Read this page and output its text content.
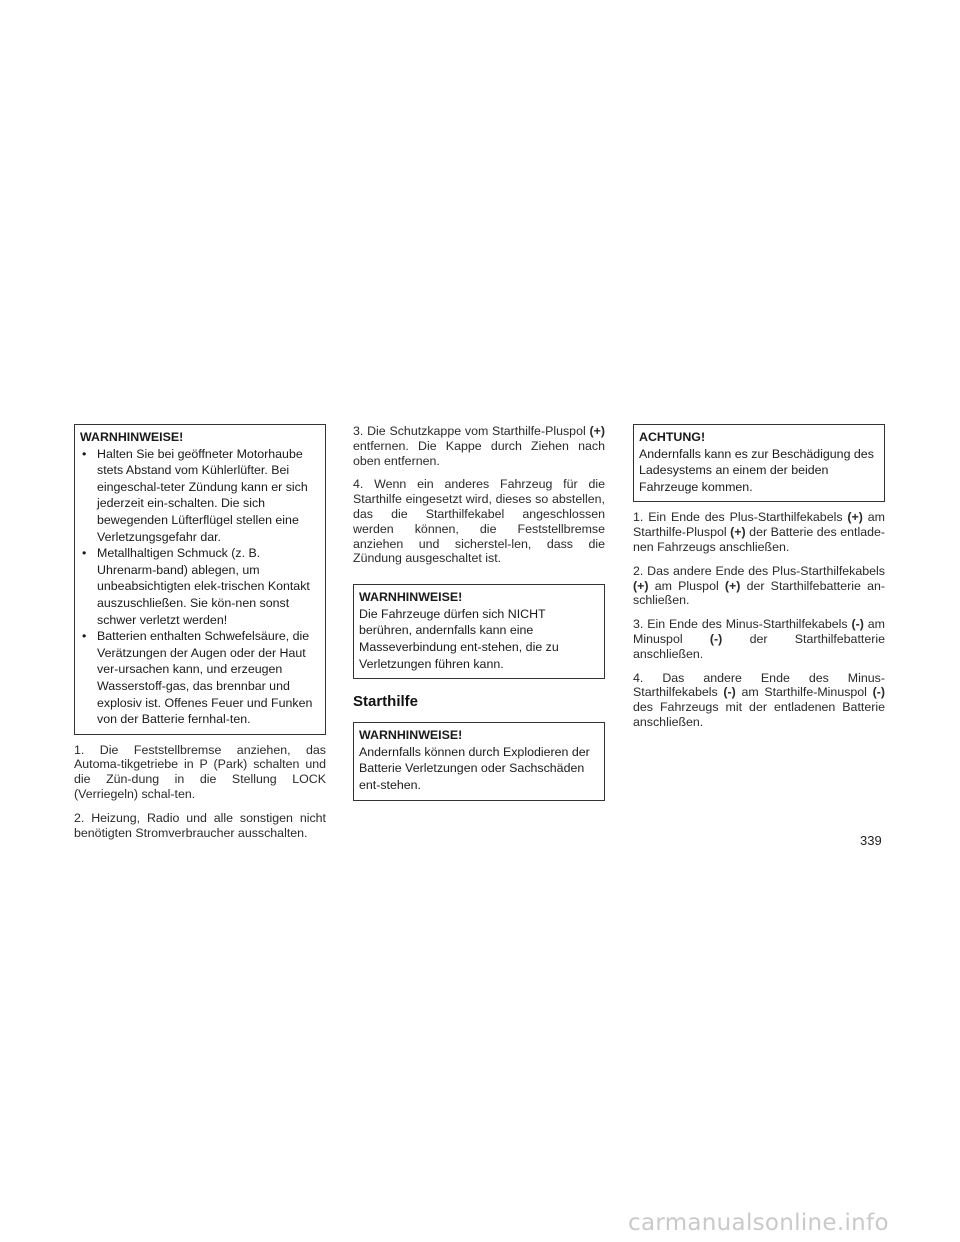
WARNHINWEISE!
• Halten Sie bei geöffneter Motorhaube stets Abstand vom Kühlerlüfter. Bei eingeschal-teter Zündung kann er sich jederzeit ein-schalten. Die sich bewegenden Lüfterflügel stellen eine Verletzungsgefahr dar.
• Metallhaltigen Schmuck (z. B. Uhrenarm-band) ablegen, um unbeabsichtigten elek-trischen Kontakt auszuschließen. Sie kön-nen sonst schwer verletzt werden!
• Batterien enthalten Schwefelsäure, die Verätzungen der Augen oder der Haut ver-ursachen kann, und erzeugen Wasserstoff-gas, das brennbar und explosiv ist. Offenes Feuer und Funken von der Batterie fernhal-ten.

1. Die Feststellbremse anziehen, das Automa-tikgetriebe in P (Park) schalten und die Zün-dung in die Stellung LOCK (Verriegeln) schal-ten.

2. Heizung, Radio und alle sonstigen nicht benötigten Stromverbraucher ausschalten.

3. Die Schutzkappe vom Starthilfe-Pluspol (+) entfernen. Die Kappe durch Ziehen nach oben entfernen.

4. Wenn ein anderes Fahrzeug für die Starthilfe eingesetzt wird, dieses so abstellen, das die Starthilfekabel angeschlossen werden können, die Feststellbremse anziehen und sicherstel-len, dass die Zündung ausgeschaltet ist.

WARNHINWEISE!
Die Fahrzeuge dürfen sich NICHT berühren, andernfalls kann eine Masseverbindung ent-stehen, die zu Verletzungen führen kann.
Starthilfe
WARNHINWEISE!
Andernfalls können durch Explodieren der Batterie Verletzungen oder Sachschäden ent-stehen.
ACHTUNG!
Andernfalls kann es zur Beschädigung des Ladesystems an einem der beiden Fahrzeuge kommen.

1. Ein Ende des Plus-Starthilfekabels (+) am Starthilfe-Pluspol (+) der Batterie des entlade-nen Fahrzeugs anschließen.

2. Das andere Ende des Plus-Starthilfekabels (+) am Pluspol (+) der Starthilfebatterie an-schließen.

3. Ein Ende des Minus-Starthilfekabels (-) am Minuspol (-) der Starthilfebatterie anschließen.

4. Das andere Ende des Minus-Starthilfekabels (-) am Starthilfe-Minuspol (-) des Fahrzeugs mit der entladenen Batterie anschließen.

339
carmanualsonline.info
